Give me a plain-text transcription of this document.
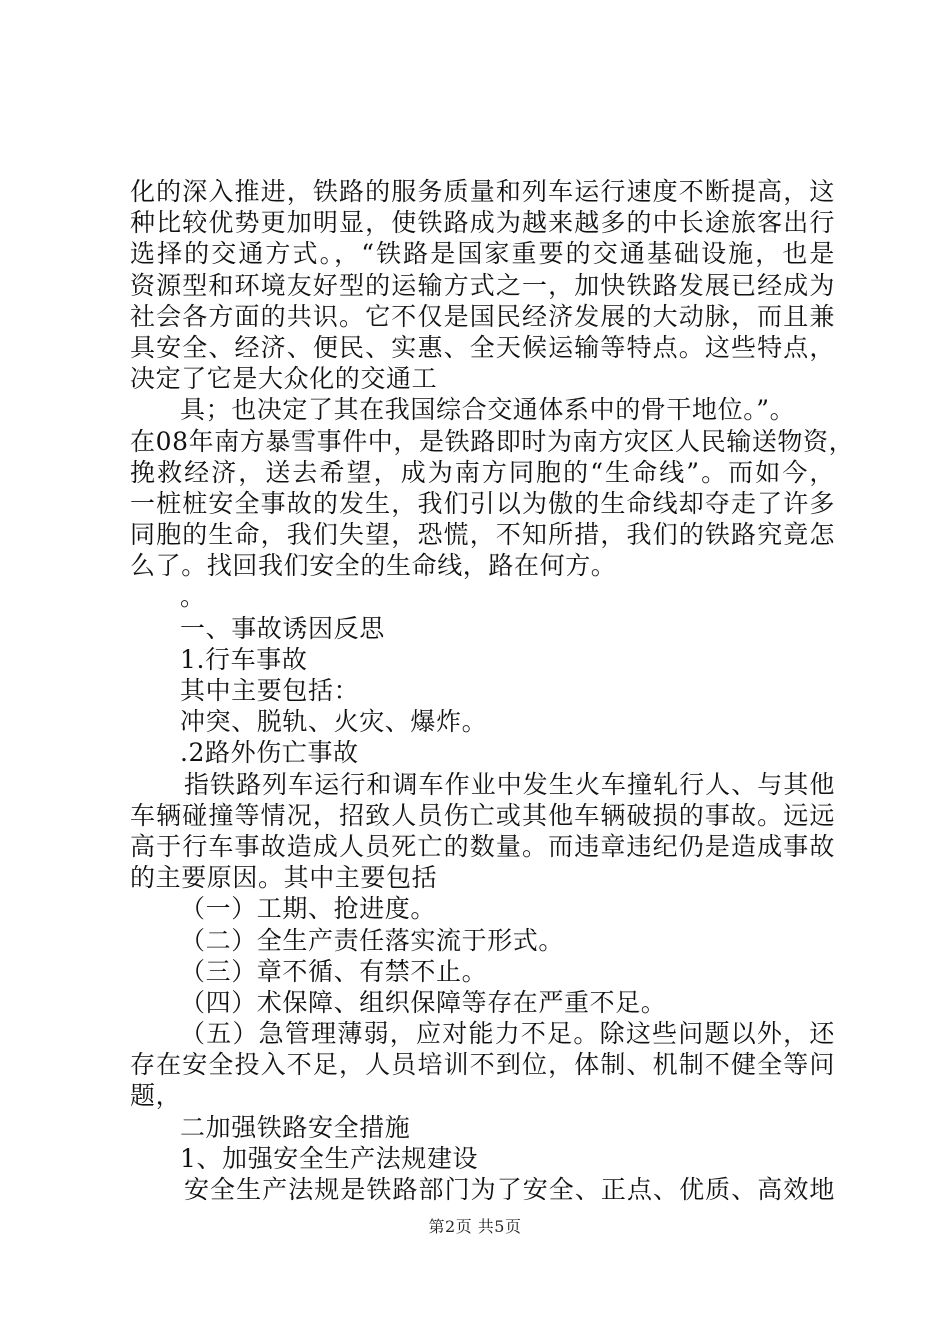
化的深入推进，铁路的服务质量和列车运行速度不断提高，这
种比较优势更加明显，使铁路成为越来越多的中长途旅客出行
选择的交通方式。，“铁路是国家重要的交通基础设施，也是
资源型和环境友好型的运输方式之一，加快铁路发展已经成为
社会各方面的共识。它不仅是国民经济发展的大动脉，而且兼
具安全、经济、便民、实惠、全天候运输等特点。这些特点，
决定了它是大众化的交通工
具；也决定了其在我国综合交通体系中的骨干地位。”。
在08年南方暴雪事件中，是铁路即时为南方灾区人民输送物资，
挽救经济，送去希望，成为南方同胞的“生命线”。而如今，
一桩桩安全事故的发生，我们引以为傲的生命线却夺走了许多
同胞的生命，我们失望，恐慌，不知所措，我们的铁路究竟怎
么了。找回我们安全的生命线，路在何方。
。
一、事故诱因反思
1.行车事故
其中主要包括：
冲突、脱轨、火灾、爆炸。
.2路外伤亡事故
指铁路列车运行和调车作业中发生火车撞轧行人、与其他
车辆碰撞等情况，招致人员伤亡或其他车辆破损的事故。远远
高于行车事故造成人员死亡的数量。而违章违纪仍是造成事故
的主要原因。其中主要包括
（一）工期、抢进度。
（二）全生产责任落实流于形式。
（三）章不循、有禁不止。
（四）术保障、组织保障等存在严重不足。
（五）急管理薄弱，应对能力不足。除这些问题以外，还
存在安全投入不足，人员培训不到位，体制、机制不健全等问
题，
二加强铁路安全措施
1、加强安全生产法规建设
安全生产法规是铁路部门为了安全、正点、优质、高效地
第2页 共5页
